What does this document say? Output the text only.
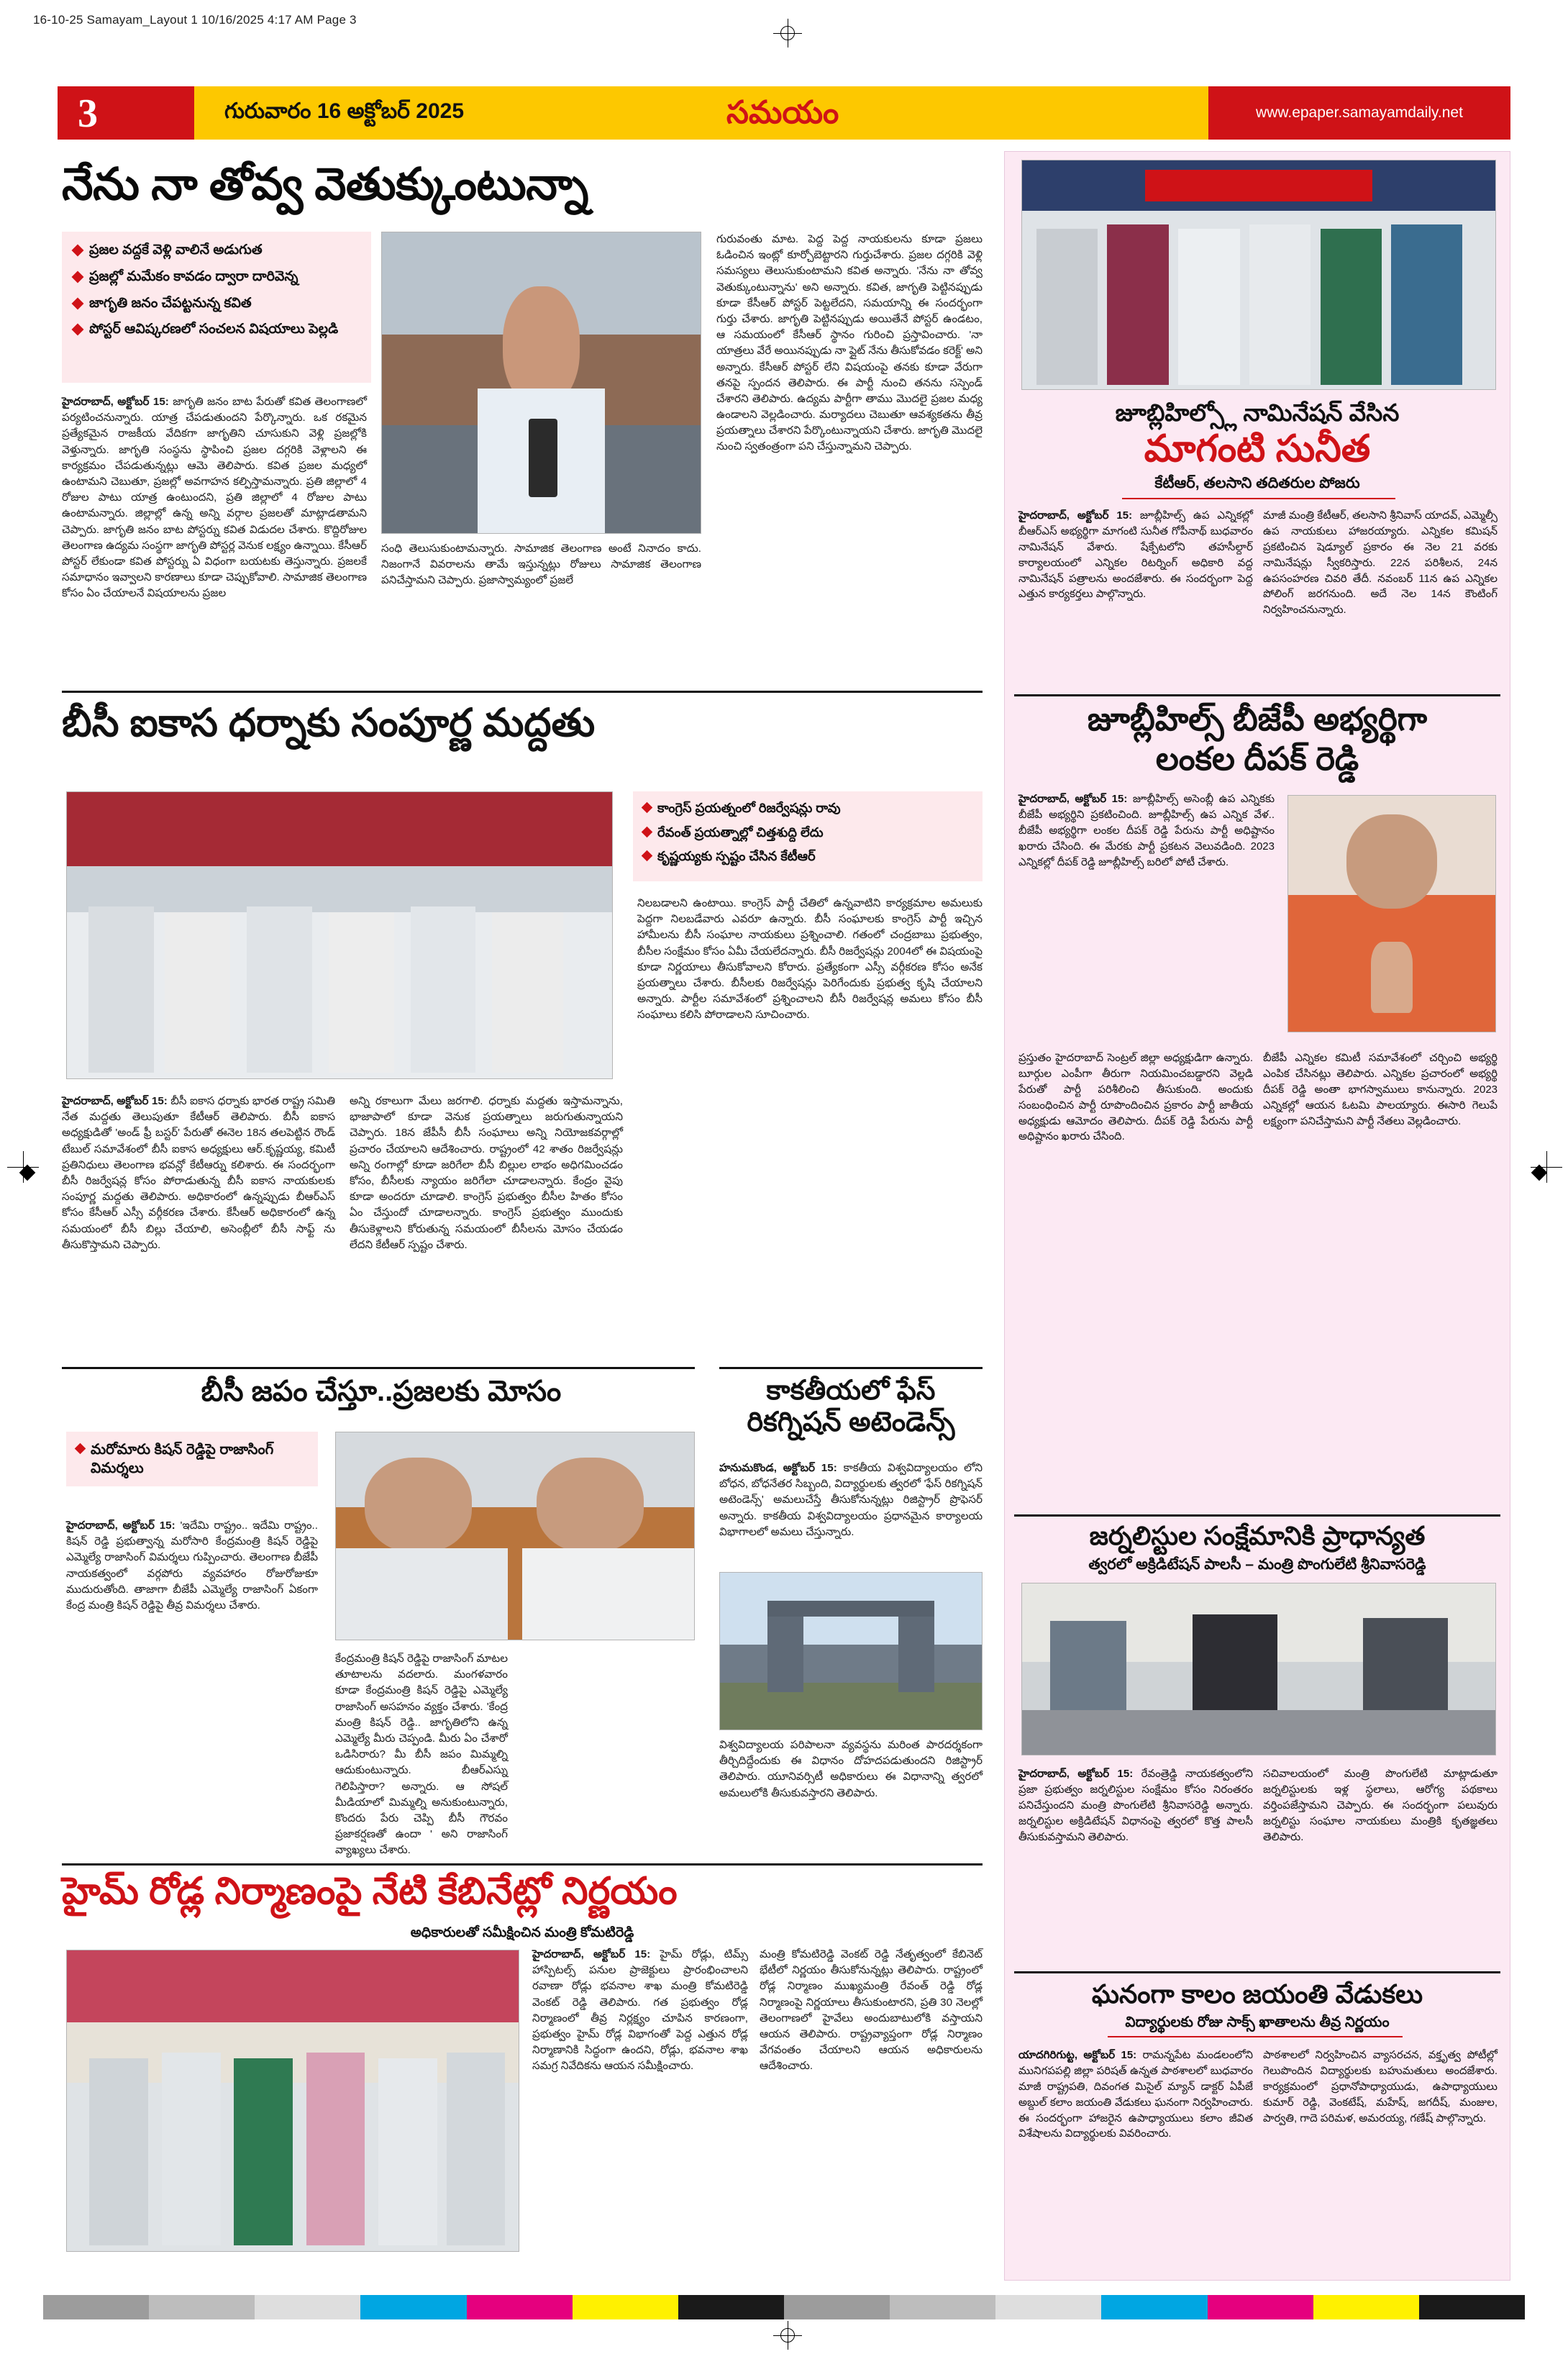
16-10-25 Samayam_Layout 1 10/16/2025 4:17 AM Page 3
3	గురువారం 16 అక్టోబర్ 2025	సమయం	www.epaper.samayamdaily.net
నేను నా తోవ్వ వెతుక్కుంటున్నా
ప్రజల వద్దకే వెళ్లి వాలినే అడుగుత
ప్రజల్లో మమేకం కావడం ద్వారా దారివెన్న
జాగృతి జనం చేపట్టనున్న కవిత
పోస్టర్ ఆవిష్కరణలో సంచలన విషయాలు పెల్లడి
హైదరాబాద్, అక్టోబర్ 15: జాగృతి జనం బాట పేరుతో కవిత తెలంగాణలో పర్యటించనున్నారు. యాత్ర చేపడుతుందని పేర్కొన్నారు. ఒక రకమైన ప్రత్యేకమైన రాజకీయ వేదికగా జాగృతిని చూసుకుని వెళ్లి ప్రజల్లోకి వెళ్తున్నారు. జాగృతి సంస్థను స్థాపించి ప్రజల దగ్గరికి వెళ్లాలని ఈ కార్యక్రమం చేపడుతున్నట్లు ఆమె తెలిపారు. కవిత ప్రజల మధ్యలో ఉంటామని చెబుతూ, ప్రజల్లో అవగాహన కల్పిస్తామన్నారు. ప్రతి జిల్లాలో 4 రోజుల పాటు యాత్ర ఉంటుందని, ప్రతి జిల్లాలో 4 రోజుల పాటు ఉంటామన్నారు. జిల్లాల్లో ఉన్న అన్ని వర్గాల ప్రజలతో మాట్లాడతామని చెప్పారు. జాగృతి జనం బాట పోస్టర్ను కవిత విడుదల చేశారు. కొద్దిరోజుల తెలంగాణ ఉద్యమ సంస్థగా జాగృతి పోస్టర్ల వెనుక లక్ష్యం ఉన్నాయి. కేసీఆర్ పోస్టర్ లేకుండా కవిత పోస్టర్ను ఏ విధంగా బయటకు తెస్తున్నారు. ప్రజలకే సమాధానం ఇవ్వాలని కారణాలు కూడా చెప్పుకోవాలి. సామాజిక తెలంగాణ కోసం ఏం చేయాలనే విషయాలను ప్రజల
సంధి తెలుసుకుంటామన్నారు. సామాజిక తెలంగాణ అంటే నినాదం కాదు. నిజంగానే వివరాలను తామే ఇస్తున్నట్లు రోజులు సామాజిక తెలంగాణ పనిచేస్తామని చెప్పారు. ప్రజాస్వామ్యంలో ప్రజలే
గురువంతు మాట. పెద్ద పెద్ద నాయకులను కూడా ప్రజలు ఓడించిన ఇంట్లో కూర్చోబెట్టారని గుర్తుచేశారు. ప్రజల దగ్గరికి వెళ్లి సమస్యలు తెలుసుకుంటామని కవిత అన్నారు. 'నేను నా తోవ్వ వెతుక్కుంటున్నాను' అని అన్నారు. కవిత, జాగృతి పెట్టినప్పుడు కూడా కేసీఆర్ పోస్టర్ పెట్టలేదని, సమయాన్ని ఈ సందర్భంగా గుర్తు చేశారు. జాగృతి పెట్టినప్పుడు అయితేనే పోస్టర్ ఉండటం, ఆ సమయంలో కేసీఆర్ స్థానం గురించి ప్రస్తావించారు. 'నా యాత్రలు వేరే అయినప్పుడు నా ప్లైట్ నేను తీసుకోవడం కరెక్ట్' అని అన్నారు. కేసీఆర్ పోస్టర్ లేని విషయంపై తనకు కూడా వేరుగా తనపై స్పందన తెలిపారు. ఈ పార్టీ నుంచి తనను సస్పెండ్ చేశారని తెలిపారు. ఉద్యమ పార్టీగా తాము మొదలై ప్రజల మధ్య ఉండాలని వెల్లడించారు. మర్యాదలు చెబుతూ ఆవశ్యకతను తీవ్ర ప్రయత్నాలు చేశారని పేర్కొంటున్నాయని చేశారు. జాగృతి మొదలై నుంచి స్వతంత్రంగా పని చేస్తున్నామని చెప్పారు.
బీసీ ఐకాస ధర్నాకు సంపూర్ణ మద్దతు
కాంగ్రెస్ ప్రయత్నంలో రిజర్వేషన్లు రావు
రేవంత్ ప్రయత్నాల్లో చిత్తశుద్ది లేదు
కృష్ణయ్యకు స్పష్టం చేసిన కేటీఆర్
హైదరాబాద్, అక్టోబర్ 15: బీసీ ఐకాస ధర్నాకు భారత రాష్ట్ర సమితి నేత మద్దతు తెలుపుతూ కేటీఆర్ తెలిపారు. బీసీ ఐకాస అధ్యక్షుడితో 'అండ్ ఫ్రీ బస్టర్' పేరుతో ఈనెల 18న తలపెట్టిన రౌండ్ టేబుల్ సమావేశంలో బీసీ ఐకాస అధ్యక్షులు ఆర్.కృష్ణయ్య, కమిటీ ప్రతినిధులు తెలంగాణ భవన్లో కేటీఆర్ను కలిశారు. ఈ సందర్భంగా బీసీ రిజర్వేషన్ల కోసం పోరాడుతున్న బీసీ ఐకాస నాయకులకు సంపూర్ణ మద్దతు తెలిపారు. అధికారంలో ఉన్నప్పుడు బీఆర్ఎస్ కోసం కేసీఆర్ ఎస్సీ వర్గీకరణ చేశారు. కేసీఆర్ అధికారంలో ఉన్న సమయంలో బీసీ బిల్లు చేయాలి, అసెంబ్లీలో బీసీ సాఫ్ట్ ను తీసుకొస్తామని చెప్పారు.
అన్ని రకాలుగా మేలు జరగాలి. ధర్నాకు మద్దతు ఇస్తామన్నాను, భాజాపాలో కూడా వెనుక ప్రయత్నాలు జరుగుతున్నాయని చెప్పారు. 18న జేపీసీ బీసీ సంఘాలు అన్ని నియోజకవర్గాల్లో ప్రచారం చేయాలని ఆదేశించారు. రాష్ట్రంలో 42 శాతం రిజర్వేషన్లు అన్ని రంగాల్లో కూడా జరిగేలా బీసీ బిల్లుల లాభం అధిగమించడం కోసం, బీసీలకు న్యాయం జరిగేలా చూడాలన్నారు. కేంద్రం వైపు కూడా అందరూ చూడాలి. కాంగ్రెస్ ప్రభుత్వం బీసీల హితం కోసం ఏం చేస్తుందో చూడాలన్నారు. కాంగ్రెస్ ప్రభుత్వం ముందుకు తీసుకెళ్లాలని కోరుతున్న సమయంలో బీసీలను మోసం చేయడం లేదని కేటీఆర్ స్పష్టం చేశారు.
నిలబడాలని ఉంటాయి. కాంగ్రెస్ పార్టీ చేతిలో ఉన్నవాటిని కార్యక్రమాల అమలుకు పెద్దగా నిలబడేవారు ఎవరూ ఉన్నారు. బీసీ సంఘాలకు కాంగ్రెస్ పార్టీ ఇచ్చిన హామీలను బీసీ సంఘాల నాయకులు ప్రశ్నించాలి. గతంలో చంద్రబాబు ప్రభుత్వం, బీసీల సంక్షేమం కోసం ఏమీ చేయలేదన్నారు. బీసీ రిజర్వేషన్లు 2004లో ఈ విషయంపై కూడా నిర్ణయాలు తీసుకోవాలని కోరారు. ప్రత్యేకంగా ఎస్సీ వర్గీకరణ కోసం అనేక ప్రయత్నాలు చేశారు. బీసీలకు రిజర్వేషన్లు పెరిగేందుకు ప్రభుత్వ కృషి చేయాలని అన్నారు. పార్టీల సమావేశంలో ప్రశ్నించాలని బీసీ రిజర్వేషన్ల అమలు కోసం బీసీ సంఘాలు కలిసి పోరాడాలని సూచించారు.
బీసీ జపం చేస్తూ..ప్రజలకు మోసం
మరోమారు కిషన్ రెడ్డిపై రాజాసింగ్ విమర్శలు
హైదరాబాద్, అక్టోబర్ 15: 'ఇదేమి రాష్ట్రం.. ఇదేమి రాష్ట్రం.. కిషన్ రెడ్డి ప్రభుత్వాన్న మరోసారి కేంద్రమంత్రి కిషన్ రెడ్డిపై ఎమ్మెల్యే రాజాసింగ్ విమర్శలు గుప్పించారు. తెలంగాణ బీజేపీ నాయకత్వంలో వర్గపోరు వ్యవహారం రోజురోజుకూ ముదురుతోంది. తాజాగా బీజేపీ ఎమ్మెల్యే రాజాసింగ్ ఏకంగా కేంద్ర మంత్రి కిషన్ రెడ్డిపై తీవ్ర విమర్శలు చేశారు.
కేంద్రమంత్రి కిషన్ రెడ్డిపై రాజాసింగ్ మాటల తూటాలను వదలారు. మంగళవారం కూడా కేంద్రమంత్రి కిషన్ రెడ్డిపై ఎమ్మెల్యే రాజాసింగ్ అసహనం వ్యక్తం చేశారు. 'కేంద్ర మంత్రి కిషన్ రెడ్డి.. జాగృతిలోని ఉన్న ఎమ్మెల్యే మీరు చెప్పండి. మీరు ఏం చేశారో ఒడిసిరారు? మీ బీసీ జపం మిమ్మల్ని ఆదుకుంటున్నారు. బీఆర్ఎస్ను గెలిపిస్తారా? అన్నారు. ఆ సోషల్ మీడియాలో మిమ్మల్ని అనుకుంటున్నారు, కొందరు పేరు చెప్పి బీసీ గౌరవం ప్రజాకర్షణతో ఉందా ' అని రాజాసింగ్ వ్యాఖ్యలు చేశారు.
కాకతీయలో ఫేస్ రికగ్నిషన్ అటెండెన్స్
హనుమకొండ, అక్టోబర్ 15: కాకతీయ విశ్వవిద్యాలయం లోని బోధన, బోధనేతర సిబ్బంది, విద్యార్థులకు త్వరలో 'ఫేస్ రికగ్నిషన్ అటెండెన్స్' అమలుచేస్తే తీసుకోనున్నట్లు రిజిస్ట్రార్ ప్రొఫెసర్ అన్నారు. కాకతీయ విశ్వవిద్యాలయం ప్రధానమైన కార్యాలయ విభాగాలలో అమలు చేస్తున్నారు.
విశ్వవిద్యాలయ పరిపాలనా వ్యవస్థను మరింత పారదర్శకంగా తీర్చిదిద్దేందుకు ఈ విధానం దోహదపడుతుందని రిజిస్ట్రార్ తెలిపారు. యూనివర్సిటీ అధికారులు ఈ విధానాన్ని త్వరలో అమలులోకి తీసుకువస్తారని తెలిపారు.
హైమ్ రోడ్ల నిర్మాణంపై నేటి కేబినేట్లో నిర్ణయం
అధికారులతో సమీక్షించిన మంత్రి కోమటిరెడ్డి
హైదరాబాద్, అక్టోబర్ 15: హైమ్ రోడ్లు, టిమ్స్ హాస్పిటల్స్ పనుల ప్రాజెక్టులు ప్రారంభించాలని రవాణా రోడ్లు భవనాల శాఖ మంత్రి కోమటిరెడ్డి వెంకట్ రెడ్డి తెలిపారు. గత ప్రభుత్వం రోడ్ల నిర్మాణంలో తీవ్ర నిర్లక్ష్యం చూపిన కారణంగా, ప్రభుత్వం హైమ్ రోడ్ల విభాగంతో పెద్ద ఎత్తున రోడ్ల నిర్మాణానికి సిద్ధంగా ఉందని, రోడ్లు, భవనాల శాఖ సమగ్ర నివేదికను ఆయన సమీక్షించారు.
మంత్రి కోమటిరెడ్డి వెంకట్ రెడ్డి నేతృత్వంలో కేబినెట్ భేటీలో నిర్ణయం తీసుకోనున్నట్లు తెలిపారు. రాష్ట్రంలో రోడ్ల నిర్మాణం ముఖ్యమంత్రి రేవంత్ రెడ్డి రోడ్ల నిర్మాణంపై నిర్ణయాలు తీసుకుంటారని, ప్రతి 30 నెలల్లో తెలంగాణలో హైవేలు అందుబాటులోకి వస్తాయని ఆయన తెలిపారు. రాష్ట్రవ్యాప్తంగా రోడ్ల నిర్మాణం వేగవంతం చేయాలని ఆయన అధికారులను ఆదేశించారు.
జూబ్లిహిల్స్లో నామినేషన్ వేసిన
మాగంటి సునీత
కేటీఆర్, తలసాని తదితరుల పోజరు
హైదరాబాద్, అక్టోబర్ 15: జూబ్లీహిల్స్ ఉప ఎన్నికల్లో బీఆర్ఎస్ అభ్యర్థిగా మాగంటి సునీత గోపీనాథ్ బుధవారం నామినేషన్ వేశారు. షేక్పేటలోని తహసీల్దార్ కార్యాలయంలో ఎన్నికల రిటర్నింగ్ అధికారి వద్ద నామినేషన్ పత్రాలను అందజేశారు. ఈ సందర్భంగా పెద్ద ఎత్తున కార్యకర్తలు పాల్గొన్నారు.
మాజీ మంత్రి కేటీఆర్, తలసాని శ్రీనివాస్ యాదవ్, ఎమ్మెల్సీ ఉప నాయకులు హాజరయ్యారు. ఎన్నికల కమిషన్ ప్రకటించిన షెడ్యూల్ ప్రకారం ఈ నెల 21 వరకు నామినేషన్లు స్వీకరిస్తారు. 22న పరిశీలన, 24న ఉపసంహరణ చివరి తేదీ. నవంబర్ 11న ఉప ఎన్నికల పోలింగ్ జరగనుంది. అదే నెల 14న కౌంటింగ్ నిర్వహించనున్నారు.
జూబ్లీహిల్స్ బీజేపీ అభ్యర్థిగా
లంకల దీపక్ రెడ్డి
హైదరాబాద్, అక్టోబర్ 15: జూబ్లీహిల్స్ అసెంబ్లీ ఉప ఎన్నికకు బీజేపీ అభ్యర్థిని ప్రకటించింది. జూబ్లీహిల్స్ ఉప ఎన్నిక వేళ.. బీజేపీ అభ్యర్థిగా లంకల దీపక్ రెడ్డి పేరును పార్టీ అధిష్టానం ఖరారు చేసింది. ఈ మేరకు పార్టీ ప్రకటన వెలువడింది. 2023 ఎన్నికల్లో దీపక్ రెడ్డి జూబ్లీహిల్స్ బరిలో పోటీ చేశారు.
ప్రస్తుతం హైదరాబాద్ సెంట్రల్ జిల్లా అధ్యక్షుడిగా ఉన్నారు. బూర్గుల ఎంపీగా తీరుగా నియమించబడ్డారని వెల్లడి పేరుతో పార్టీ పరిశీలించి తీసుకుంది. అందుకు సంబంధించిన పార్టీ రూపొందించిన ప్రకారం పార్టీ జాతీయ అధ్యక్షుడు ఆమోదం తెలిపారు. దీపక్ రెడ్డి పేరును పార్టీ అధిష్టానం ఖరారు చేసింది.
బీజేపీ ఎన్నికల కమిటీ సమావేశంలో చర్చించి అభ్యర్థి ఎంపిక చేసినట్లు తెలిపారు. ఎన్నికల ప్రచారంలో అభ్యర్థి దీపక్ రెడ్డి అంతా భాగస్వాములు కానున్నారు. 2023 ఎన్నికల్లో ఆయన ఓటమి పాలయ్యారు. ఈసారి గెలుపే లక్ష్యంగా పనిచేస్తామని పార్టీ నేతలు వెల్లడించారు.
జర్నలిస్టుల సంక్షేమానికి ప్రాధాన్యత
త్వరలో అక్రిడిటేషన్ పాలసీ – మంత్రి పొంగులేటి శ్రీనివాసరెడ్డి
హైదరాబాద్, అక్టోబర్ 15: రేవంత్రెడ్డి నాయకత్వంలోని ప్రజా ప్రభుత్వం జర్నలిస్టుల సంక్షేమం కోసం నిరంతరం పనిచేస్తుందని మంత్రి పొంగులేటి శ్రీనివాసరెడ్డి అన్నారు. జర్నలిస్టుల అక్రిడిటేషన్ విధానంపై త్వరలో కొత్త పాలసీ తీసుకువస్తామని తెలిపారు.
సచివాలయంలో మంత్రి పొంగులేటి మాట్లాడుతూ జర్నలిస్టులకు ఇళ్ల స్థలాలు, ఆరోగ్య పథకాలు వర్తింపజేస్తామని చెప్పారు. ఈ సందర్భంగా పలువురు జర్నలిస్టు సంఘాల నాయకులు మంత్రికి కృతజ్ఞతలు తెలిపారు.
ఘనంగా కాలం జయంతి వేడుకలు
విద్యార్థులకు రోజు సాక్స్ ఖాతాలను తీవ్ర నిర్ణయం
యాదగిరిగుట్ట, అక్టోబర్ 15: రామన్నపేట మండలంలోని మునిగపపల్లి జిల్లా పరిషత్ ఉన్నత పాఠశాలలో బుధవారం మాజీ రాష్ట్రపతి, దివంగత మిసైల్ మ్యాన్ డాక్టర్ ఏపీజే అబ్దుల్ కలాం జయంతి వేడుకలు ఘనంగా నిర్వహించారు. ఈ సందర్భంగా హాజరైన ఉపాధ్యాయులు కలాం జీవిత విశేషాలను విద్యార్థులకు వివరించారు.
పాఠశాలలో నిర్వహించిన వ్యాసరచన, వక్తృత్వ పోటీల్లో గెలుపొందిన విద్యార్థులకు బహుమతులు అందజేశారు. కార్యక్రమంలో ప్రధానోపాధ్యాయుడు, ఉపాధ్యాయులు కుమార్ రెడ్డి, వెంకటేష్, మహేష్, జగదీష్, మంజుల, పార్వతి, గాదె పరిమళ, అమరయ్య, గణేష్ పాల్గొన్నారు.
